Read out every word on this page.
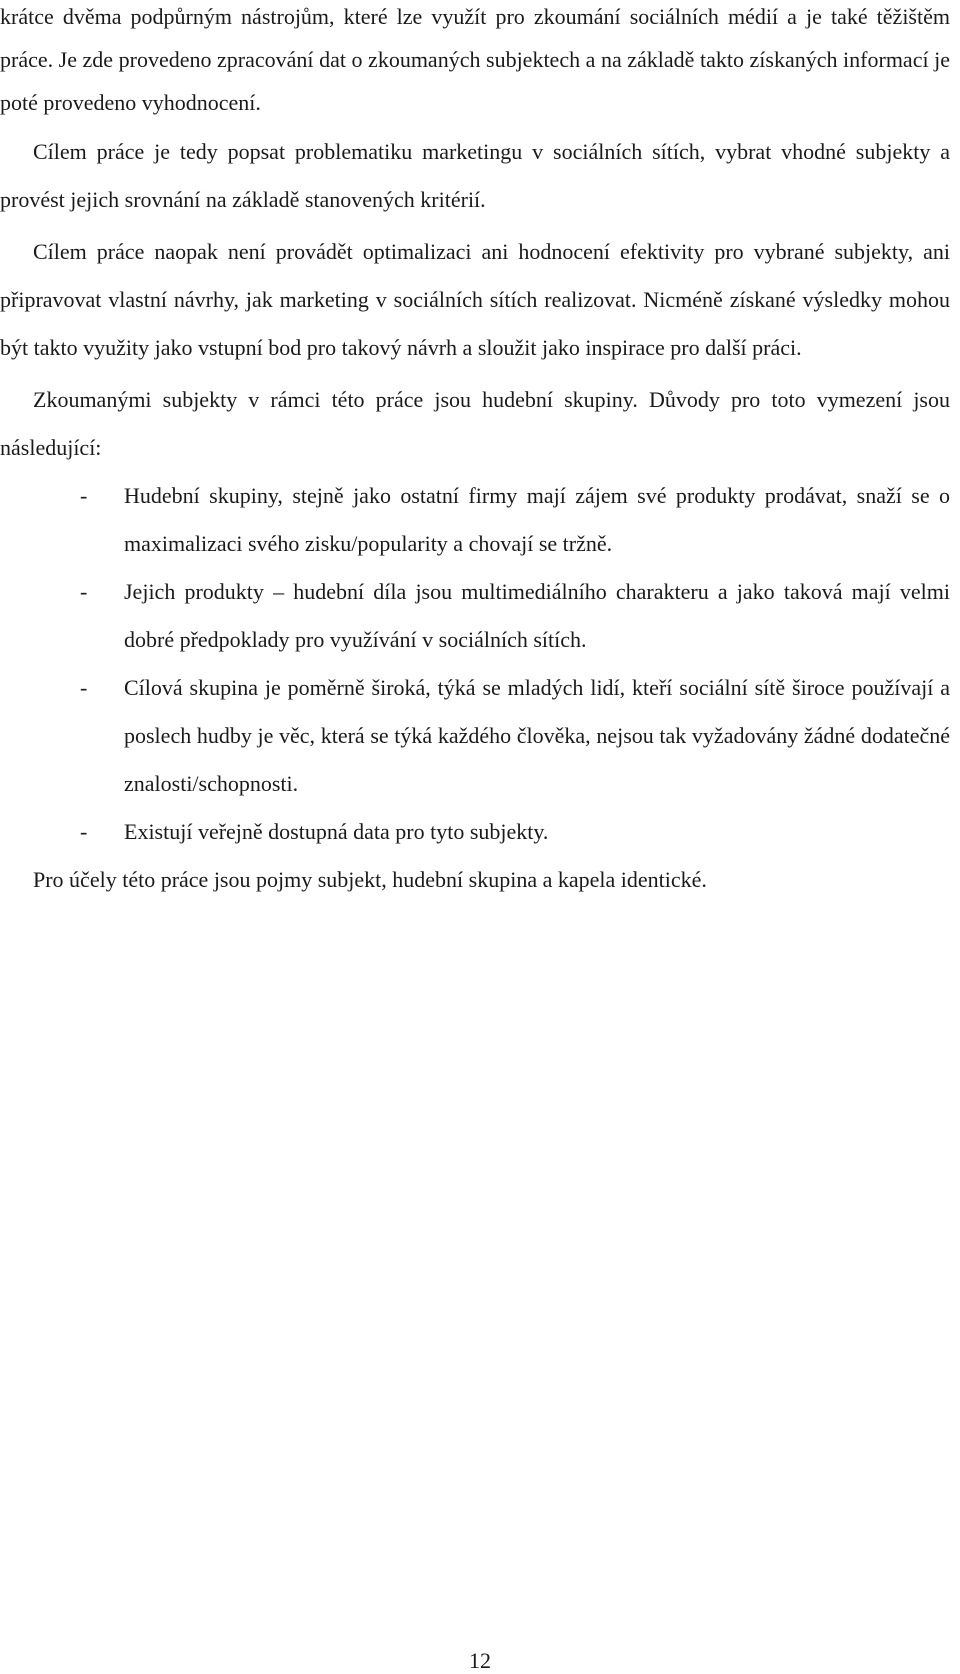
krátce dvěma podpůrným nástrojům, které lze využít pro zkoumání sociálních médií a je také těžištěm práce. Je zde provedeno zpracování dat o zkoumaných subjektech a na základě takto získaných informací je poté provedeno vyhodnocení.

Cílem práce je tedy popsat problematiku marketingu v sociálních sítích, vybrat vhodné subjekty a provést jejich srovnání na základě stanovených kritérií.

Cílem práce naopak není provádět optimalizaci ani hodnocení efektivity pro vybrané subjekty, ani připravovat vlastní návrhy, jak marketing v sociálních sítích realizovat. Nicméně získané výsledky mohou být takto využity jako vstupní bod pro takový návrh a sloužit jako inspirace pro další práci.

Zkoumanými subjekty v rámci této práce jsou hudební skupiny. Důvody pro toto vymezení jsou následující:

- Hudební skupiny, stejně jako ostatní firmy mají zájem své produkty prodávat, snaží se o maximalizaci svého zisku/popularity a chovají se tržně.
- Jejich produkty – hudební díla jsou multimediálního charakteru a jako taková mají velmi dobré předpoklady pro využívání v sociálních sítích.
- Cílová skupina je poměrně široká, týká se mladých lidí, kteří sociální sítě široce používají a poslech hudby je věc, která se týká každého člověka, nejsou tak vyžadovány žádné dodatečné znalosti/schopnosti.
- Existují veřejně dostupná data pro tyto subjekty.

Pro účely této práce jsou pojmy subjekt, hudební skupina a kapela identické.

12
